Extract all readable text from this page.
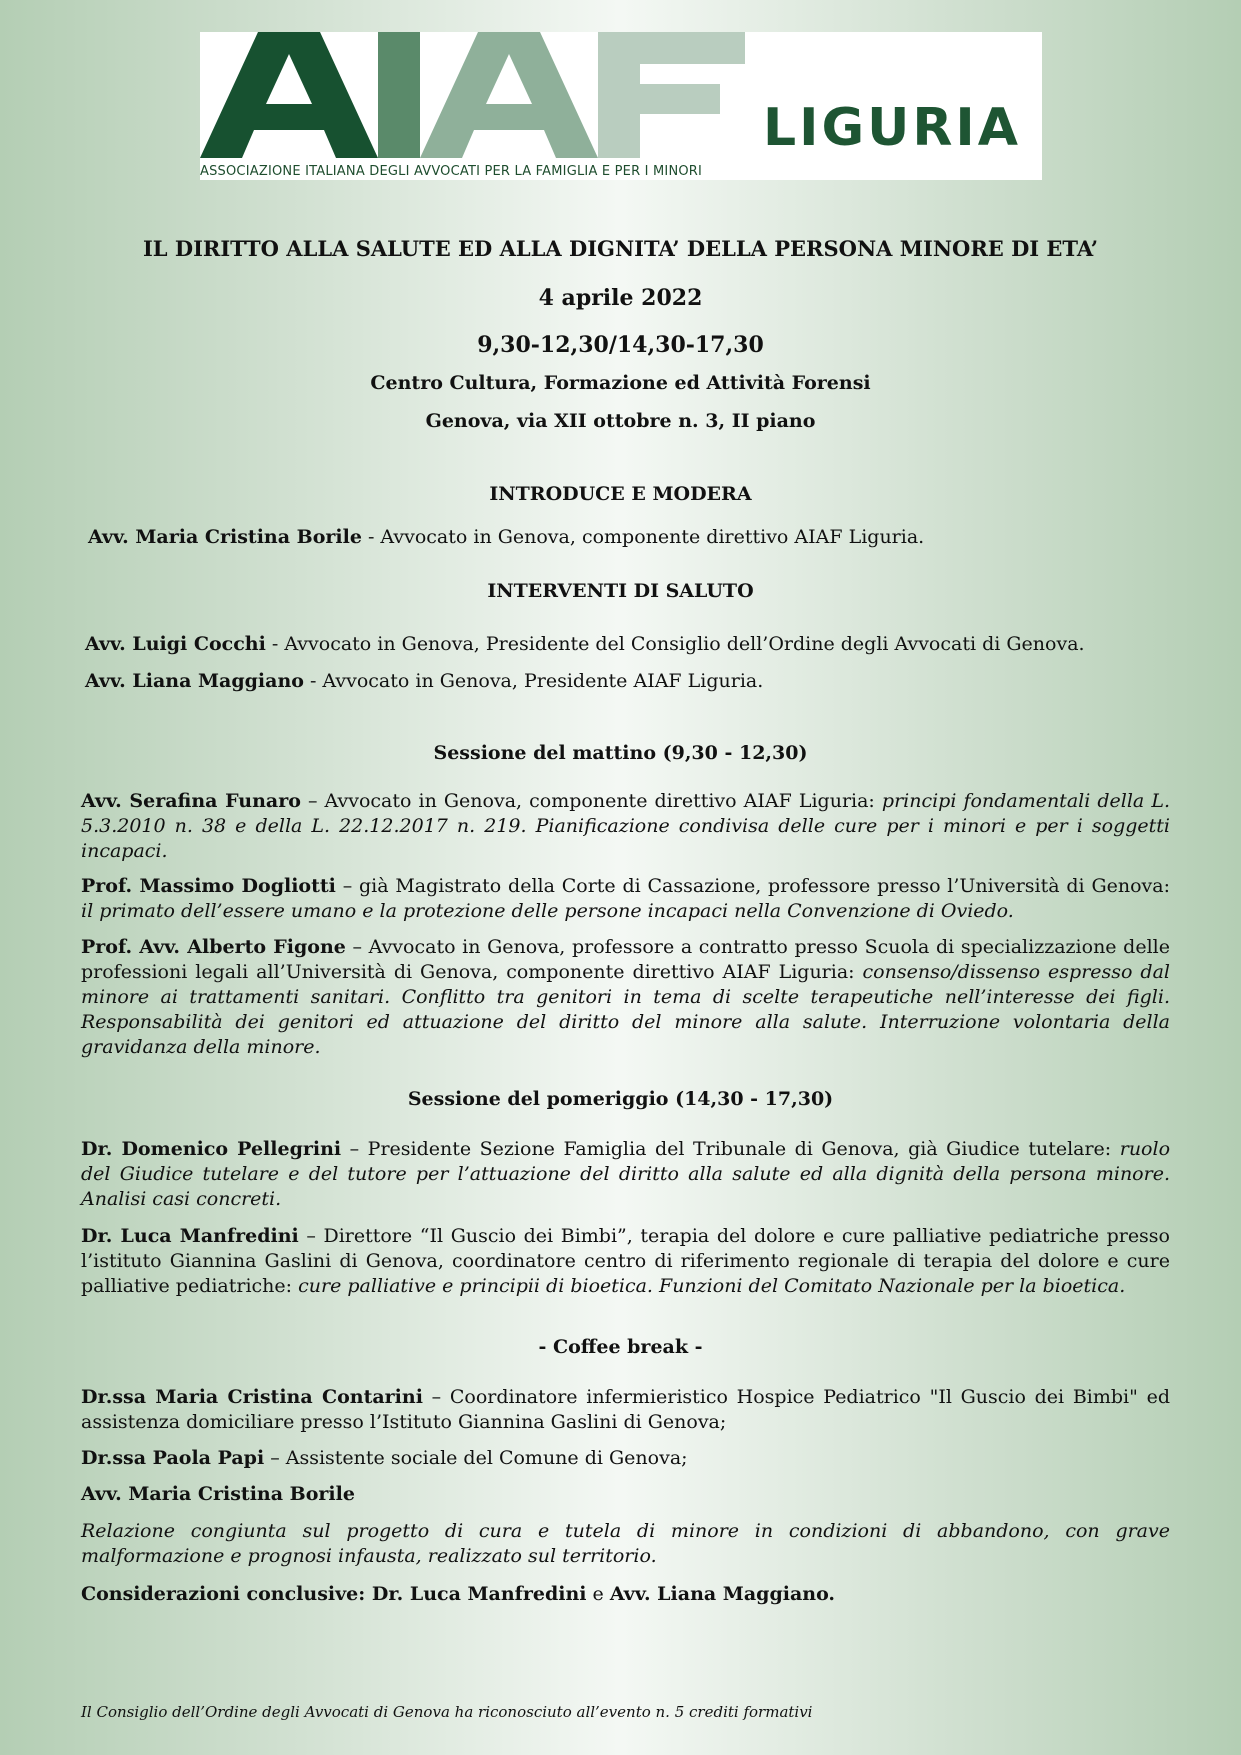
ASSOCIAZIONE ITALIANA DEGLI AVVOCATI PER LA FAMIGLIA E PER I MINORI
LIGURIA
IL DIRITTO ALLA SALUTE ED ALLA DIGNITA’ DELLA PERSONA MINORE DI ETA’
4 aprile 2022
9,30-12,30/14,30-17,30
Centro Cultura, Formazione ed Attività Forensi
Genova, via XII ottobre n. 3, II piano
INTRODUCE E MODERA
Avv. Maria Cristina Borile - Avvocato in Genova, componente direttivo AIAF Liguria.
INTERVENTI DI SALUTO
Avv. Luigi Cocchi - Avvocato in Genova, Presidente del Consiglio dell’Ordine degli Avvocati di Genova.
Avv. Liana Maggiano - Avvocato in Genova, Presidente AIAF Liguria.
Sessione del mattino (9,30 - 12,30)
Avv. Serafina Funaro – Avvocato in Genova, componente direttivo AIAF Liguria: principi fondamentali della L. 5.3.2010 n. 38 e della L. 22.12.2017 n. 219. Pianificazione condivisa delle cure per i minori e per i soggetti incapaci.
Prof. Massimo Dogliotti – già Magistrato della Corte di Cassazione, professore presso l’Università di Genova: il primato dell’essere umano e la protezione delle persone incapaci nella Convenzione di Oviedo.
Prof. Avv. Alberto Figone – Avvocato in Genova, professore a contratto presso Scuola di specializzazione delle professioni legali all’Università di Genova, componente direttivo AIAF Liguria: consenso/dissenso espresso dal minore ai trattamenti sanitari. Conflitto tra genitori in tema di scelte terapeutiche nell’interesse dei figli. Responsabilità dei genitori ed attuazione del diritto del minore alla salute. Interruzione volontaria della gravidanza della minore.
Sessione del pomeriggio (14,30 - 17,30)
Dr. Domenico Pellegrini – Presidente Sezione Famiglia del Tribunale di Genova, già Giudice tutelare: ruolo del Giudice tutelare e del tutore per l’attuazione del diritto alla salute ed alla dignità della persona minore. Analisi casi concreti.
Dr. Luca Manfredini – Direttore “Il Guscio dei Bimbi”, terapia del dolore e cure palliative pediatriche presso l’istituto Giannina Gaslini di Genova, coordinatore centro di riferimento regionale di terapia del dolore e cure palliative pediatriche: cure palliative e principii di bioetica. Funzioni del Comitato Nazionale per la bioetica.
- Coffee break -
Dr.ssa Maria Cristina Contarini – Coordinatore infermieristico Hospice Pediatrico "Il Guscio dei Bimbi" ed assistenza domiciliare presso l’Istituto Giannina Gaslini di Genova;
Dr.ssa Paola Papi – Assistente sociale del Comune di Genova;
Avv. Maria Cristina Borile
Relazione congiunta sul progetto di cura e tutela di minore in condizioni di abbandono, con grave malformazione e prognosi infausta, realizzato sul territorio.
Considerazioni conclusive: Dr. Luca Manfredini e Avv. Liana Maggiano.
Il Consiglio dell’Ordine degli Avvocati di Genova ha riconosciuto all’evento n. 5 crediti formativi
